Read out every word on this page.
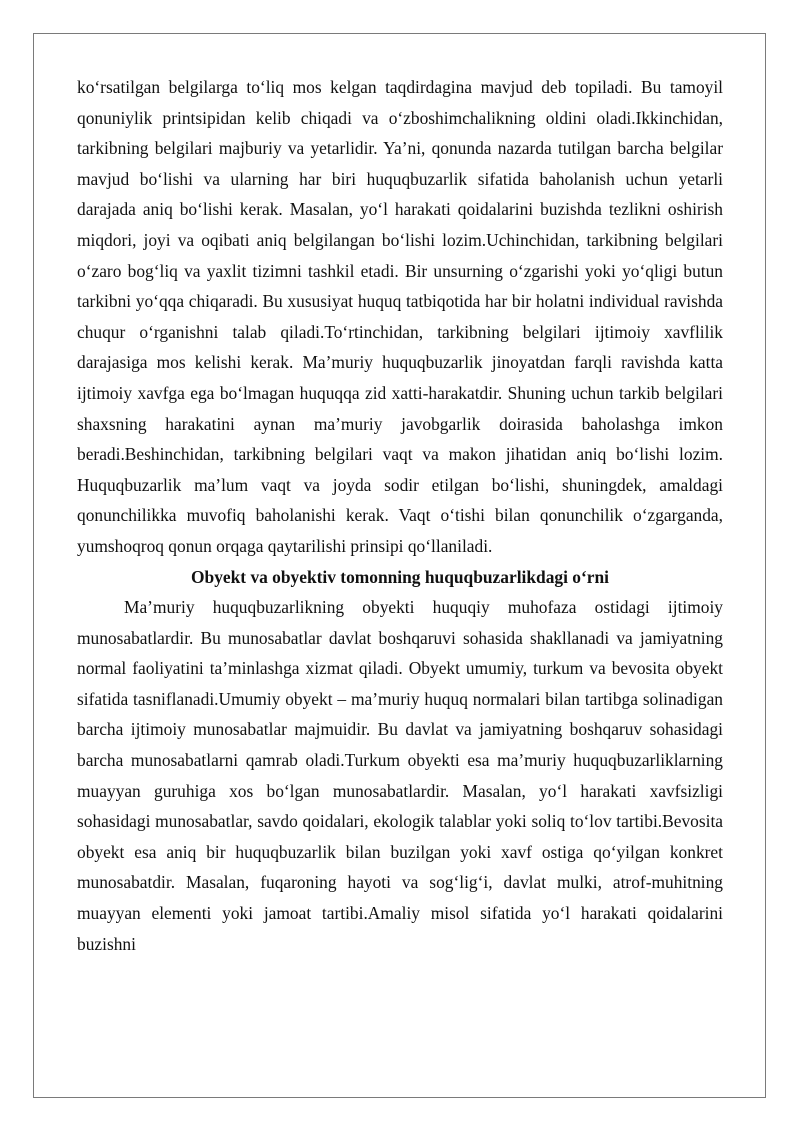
ko‘rsatilgan belgilarga to‘liq mos kelgan taqdirdagina mavjud deb topiladi. Bu tamoyil qonuniylik printsipidan kelib chiqadi va o‘zboshimchalikning oldini oladi.Ikkinchidan, tarkibning belgilari majburiy va yetarlidir. Ya’ni, qonunda nazarda tutilgan barcha belgilar mavjud bo‘lishi va ularning har biri huquqbuzarlik sifatida baholanish uchun yetarli darajada aniq bo‘lishi kerak. Masalan, yo‘l harakati qoidalarini buzishda tezlikni oshirish miqdori, joyi va oqibati aniq belgilangan bo‘lishi lozim.Uchinchidan, tarkibning belgilari o‘zaro bog‘liq va yaxlit tizimni tashkil etadi. Bir unsurning o‘zgarishi yoki yo‘qligi butun tarkibni yo‘qqa chiqaradi. Bu xususiyat huquq tatbiqotida har bir holatni individual ravishda chuqur o‘rganishni talab qiladi.To‘rtinchidan, tarkibning belgilari ijtimoiy xavflilik darajasiga mos kelishi kerak. Ma’muriy huquqbuzarlik jinoyatdan farqli ravishda katta ijtimoiy xavfga ega bo‘lmagan huquqqa zid xatti-harakatdir. Shuning uchun tarkib belgilari shaxsning harakatini aynan ma’muriy javobgarlik doirasida baholashga imkon beradi.Beshinchidan, tarkibning belgilari vaqt va makon jihatidan aniq bo‘lishi lozim. Huquqbuzarlik ma’lum vaqt va joyda sodir etilgan bo‘lishi, shuningdek, amaldagi qonunchilikka muvofiq baholanishi kerak. Vaqt o‘tishi bilan qonunchilik o‘zgarganda, yumshoqroq qonun orqaga qaytarilishi prinsipi qo‘llaniladi.

Obyekt va obyektiv tomonning huquqbuzarlikdagi o‘rni

Ma’muriy huquqbuzarlikning obyekti huquqiy muhofaza ostidagi ijtimoiy munosabatlardir. Bu munosabatlar davlat boshqaruvi sohasida shakllanadi va jamiyatning normal faoliyatini ta’minlashga xizmat qiladi. Obyekt umumiy, turkum va bevosita obyekt sifatida tasniflanadi.Umumiy obyekt – ma’muriy huquq normalari bilan tartibga solinadigan barcha ijtimoiy munosabatlar majmuidir. Bu davlat va jamiyatning boshqaruv sohasidagi barcha munosabatlarni qamrab oladi.Turkum obyekti esa ma’muriy huquqbuzarliklarning muayyan guruhiga xos bo‘lgan munosabatlardir. Masalan, yo‘l harakati xavfsizligi sohasidagi munosabatlar, savdo qoidalari, ekologik talablar yoki soliq to‘lov tartibi.Bevosita obyekt esa aniq bir huquqbuzarlik bilan buzilgan yoki xavf ostiga qo‘yilgan konkret munosabatdir. Masalan, fuqaroning hayoti va sog‘lig‘i, davlat mulki, atrof-muhitning muayyan elementi yoki jamoat tartibi.Amaliy misol sifatida yo‘l harakati qoidalarini buzishni
